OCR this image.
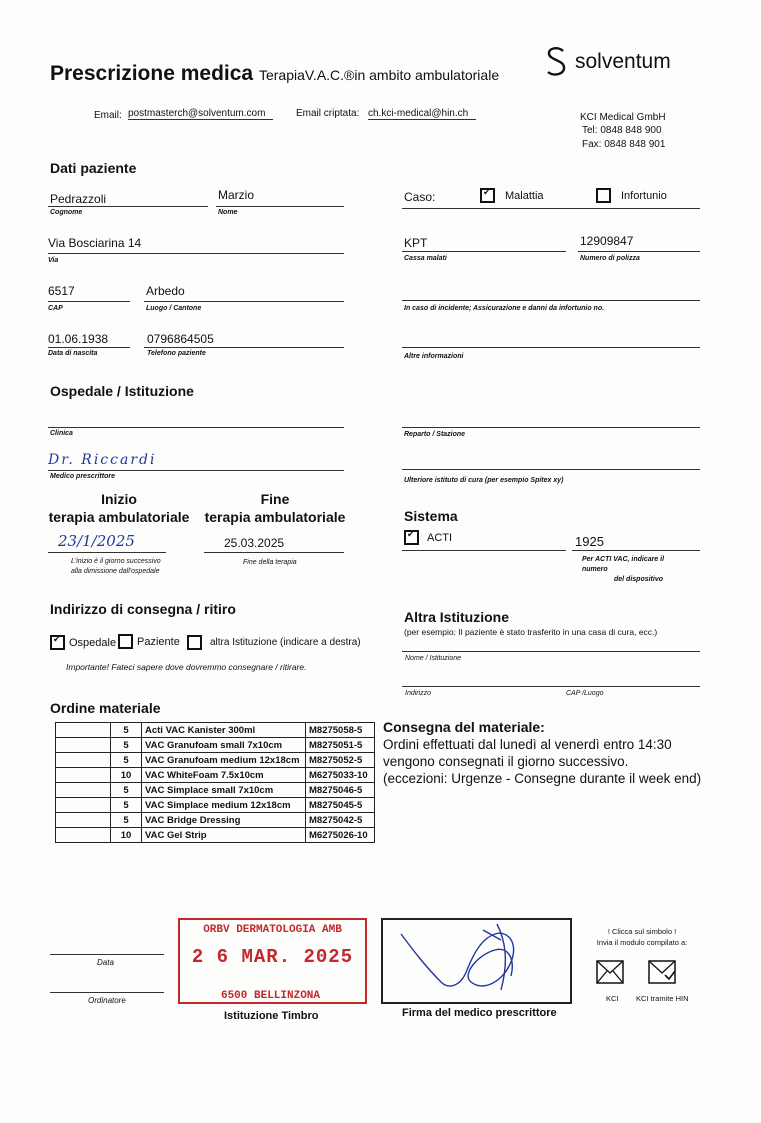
Prescrizione medica TerapiaV.A.C.®in ambito ambulatoriale
solventum
Email: postmasterch@solventum.com	Email criptata: ch.kci-medical@hin.ch	KCI Medical GmbH
Tel: 0848 848 900
Fax: 0848 848 901
Dati paziente
Pedrazzoli
Cognome
Marzio
Nome
Via Bosciarina 14
Via
6517
CAP
Arbedo
Luogo / Cantone
01.06.1938
Data di nascita
0796864505
Telefono paziente
Caso: ✔	Malattia	Infortunio
KPT
Cassa malati
12909847
Numero di polizza
In caso di incidente; Assicurazione e danni da infortunio no.
Altre informazioni
Ospedale / Istituzione
Clinica
Dr. Riccardi
Medico prescrittore
Reparto / Stazione
Ulteriore istituto di cura (per esempio Spitex xy)
Inizio
terapia ambulatoriale
23/1/2025
L'inizio è il giorno successivo
alla dimissione dall'ospedale
Fine
terapia ambulatoriale
25.03.2025
Fine della terapia
Sistema
✔
ACTI	1925
Per ACTI VAC, indicare il
numero
del dispositivo
Indirizzo di consegna / ritiro
✔
Ospedale Paziente	altra Istituzione (indicare a destra)
Importante! Fateci sapere dove dovremmo consegnare / ritirare.
Altra Istituzione
(per esempio: Il paziente è stato trasferito in una casa di cura, ecc.)
Nome / Istituzione
Indirizzo	CAP /Luogo
Ordine materiale
	5	Acti VAC Kanister 300ml	M8275058-5
	5	VAC Granufoam small 7x10cm	M8275051-5
	5	VAC Granufoam medium 12x18cm	M8275052-5
	10	VAC WhiteFoam 7.5x10cm	M6275033-10
	5	VAC Simplace small 7x10cm	M8275046-5
	5	VAC Simplace medium 12x18cm	M8275045-5
	5	VAC Bridge Dressing	M8275042-5
	10	VAC Gel Strip	M6275026-10
Consegna del materiale:
Ordini effettuati dal lunedì al venerdì entro 14:30
vengono consegnati il giorno successivo.
(eccezioni: Urgenze - Consegne durante il week end)
Data
Ordinatore
ORBV DERMATOLOGIA AMB
2 6 MAR. 2025
6500 BELLINZONA
Istituzione Timbro	Firma del medico prescrittore
! Clicca sul simbolo !
Invia il modulo compilato a:
KCI KCI tramite HIN
